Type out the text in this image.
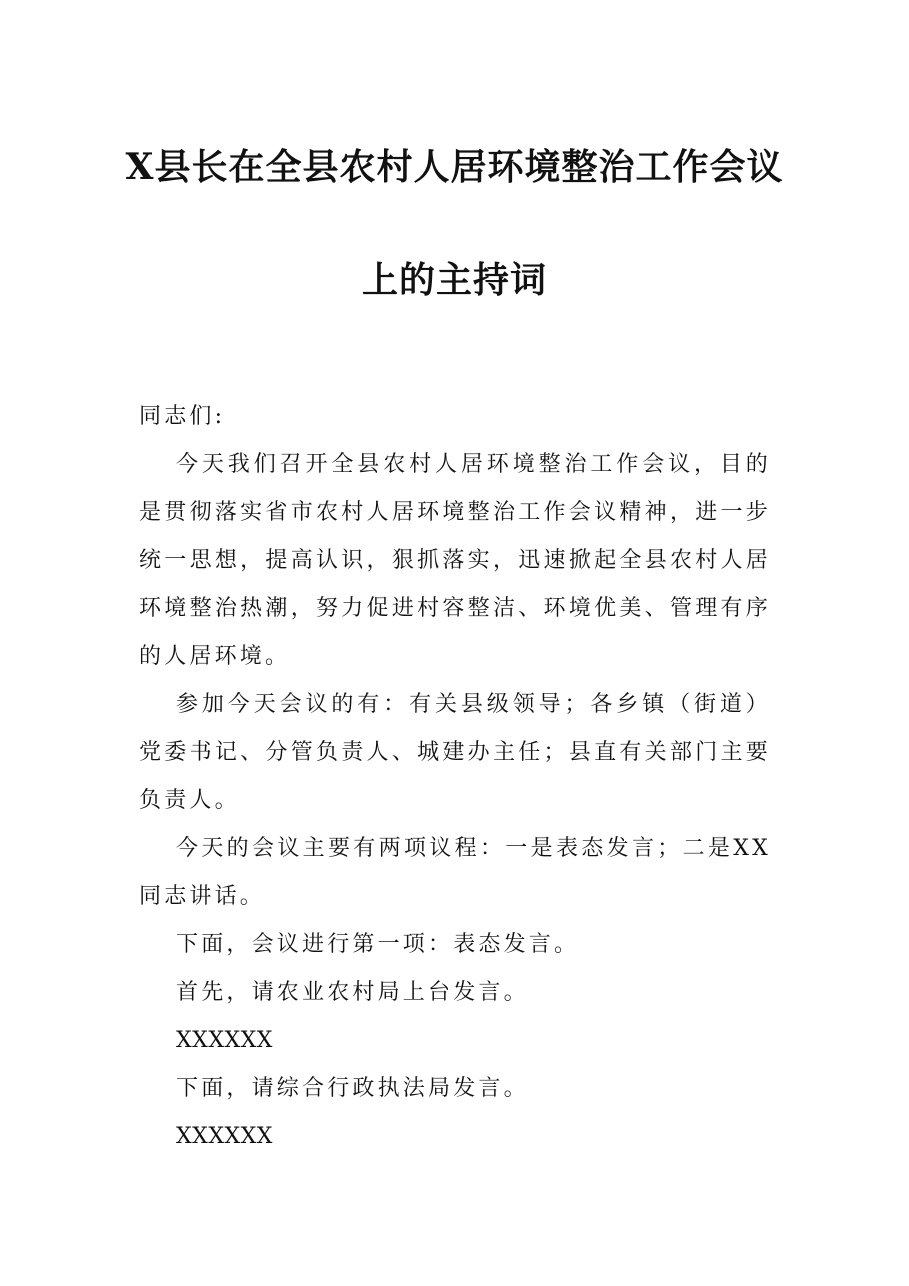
X县长在全县农村人居环境整治工作会议
上的主持词

同志们:

今天我们召开全县农村人居环境整治工作会议，目的是贯彻落实省市农村人居环境整治工作会议精神，进一步统一思想，提高认识，狠抓落实，迅速掀起全县农村人居环境整治热潮，努力促进村容整洁、环境优美、管理有序的人居环境。

参加今天会议的有：有关县级领导；各乡镇（街道）党委书记、分管负责人、城建办主任；县直有关部门主要负责人。

今天的会议主要有两项议程：一是表态发言；二是XX同志讲话。

下面，会议进行第一项：表态发言。

首先，请农业农村局上台发言。

XXXXXX

下面，请综合行政执法局发言。

XXXXXX
